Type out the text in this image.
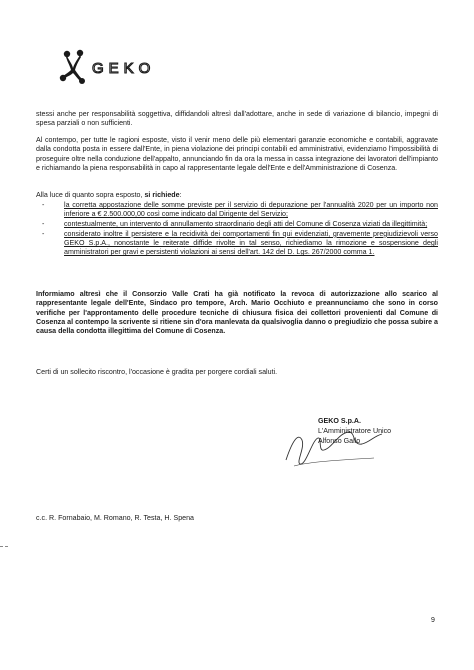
GEKO

stessi anche per responsabilità soggettiva, diffidandoli altresì dall'adottare, anche in sede di variazione di bilancio, impegni di spesa parziali o non sufficienti.

Al contempo, per tutte le ragioni esposte, visto il venir meno delle più elementari garanzie economiche e contabili, aggravate dalla condotta posta in essere dall'Ente, in piena violazione dei principi contabili ed amministrativi, evidenziamo l'impossibilità di proseguire oltre nella conduzione dell'appalto, annunciando fin da ora la messa in cassa integrazione dei lavoratori dell'impianto e richiamando la piena responsabilità in capo al rappresentante legale dell'Ente e dell'Amministrazione di Cosenza.

Alla luce di quanto sopra esposto, si richiede:

-	la corretta appostazione delle somme previste per il servizio di depurazione per l'annualità 2020 per un importo non inferiore a € 2.500.000,00 così come indicato dal Dirigente del Servizio;
-	contestualmente, un intervento di annullamento straordinario degli atti del Comune di Cosenza viziati da illegittimità;
-	considerato inoltre il persistere e la recidività dei comportamenti fin qui evidenziati, gravemente pregiudizievoli verso GEKO S.p.A., nonostante le reiterate diffide rivolte in tal senso, richiediamo la rimozione e sospensione degli amministratori per gravi e persistenti violazioni ai sensi dell'art. 142 del D. Lgs. 267/2000 comma 1.

Informiamo altresì che il Consorzio Valle Crati ha già notificato la revoca di autorizzazione allo scarico al rappresentante legale dell'Ente, Sindaco pro tempore, Arch. Mario Occhiuto e preannunciamo che sono in corso verifiche per l'approntamento delle procedure tecniche di chiusura fisica dei collettori provenienti dal Comune di Cosenza al contempo la scrivente si ritiene sin d'ora manlevata da qualsivoglia danno o pregiudizio che possa subire a causa della condotta illegittima del Comune di Cosenza.

Certi di un sollecito riscontro, l'occasione è gradita per porgere cordiali saluti.

GEKO S.p.A.
L'Amministratore Unico
Alfonso Gallo
c.c. R. Fornabaio, M. Romano, R. Testa, H. Spena
9
